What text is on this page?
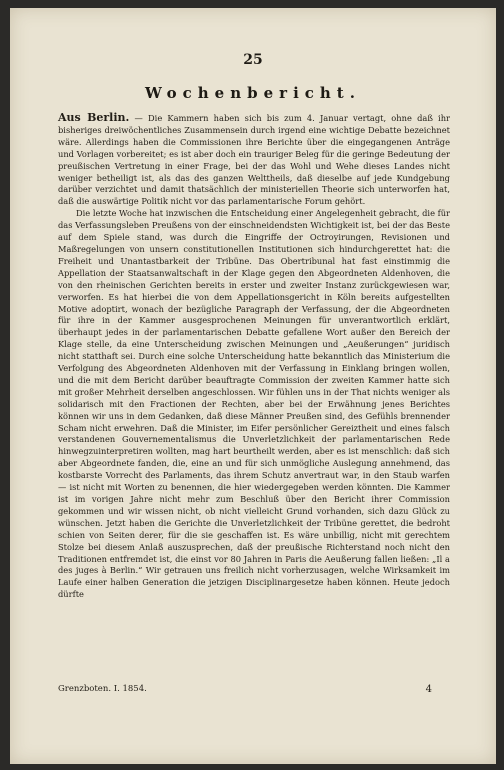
25
Wochenbericht.

Aus Berlin. — Die Kammern haben sich bis zum 4. Januar vertagt, ohne daß ihr bisheriges dreiwöchentliches Zusammensein durch irgend eine wichtige Debatte bezeichnet wäre. Allerdings haben die Commissionen ihre Berichte über die eingegangenen Anträge und Vorlagen vorbereitet; es ist aber doch ein trauriger Beleg für die geringe Bedeutung der preußischen Vertretung in einer Frage, bei der das Wohl und Wehe dieses Landes nicht weniger betheiligt ist, als das des ganzen Welttheils, daß dieselbe auf jede Kundgebung darüber verzichtet und damit thatsächlich der ministeriellen Theorie sich unterworfen hat, daß die auswärtige Politik nicht vor das parlamentarische Forum gehört.

Die letzte Woche hat inzwischen die Entscheidung einer Angelegenheit gebracht, die für das Verfassungsleben Preußens von der einschneidendsten Wichtigkeit ist, bei der das Beste auf dem Spiele stand, was durch die Eingriffe der Octroyirungen, Revisionen und Maßregelungen von unsern constitutionellen Institutionen sich hindurchgerettet hat: die Freiheit und Unantastbarkeit der Tribüne. Das Obertribunal hat fast einstimmig die Appellation der Staatsanwaltschaft in der Klage gegen den Abgeordneten Aldenhoven, die von den rheinischen Gerichten bereits in erster und zweiter Instanz zurückgewiesen war, verworfen. Es hat hierbei die von dem Appellationsgericht in Köln bereits aufgestellten Motive adoptirt, wonach der bezügliche Paragraph der Verfassung, der die Abgeordneten für ihre in der Kammer ausgesprochenen Meinungen für unverantwortlich erklärt, überhaupt jedes in der parlamentarischen Debatte gefallene Wort außer den Bereich der Klage stelle, da eine Unterscheidung zwischen Meinungen und „Aeußerungen“ juridisch nicht statthaft sei. Durch eine solche Unterscheidung hatte bekanntlich das Ministerium die Verfolgung des Abgeordneten Aldenhoven mit der Verfassung in Einklang bringen wollen, und die mit dem Bericht darüber beauftragte Commission der zweiten Kammer hatte sich mit großer Mehrheit derselben angeschlossen. Wir fühlen uns in der That nichts weniger als solidarisch mit den Fractionen der Rechten, aber bei der Erwähnung jenes Berichtes können wir uns in dem Gedanken, daß diese Männer Preußen sind, des Gefühls brennender Scham nicht erwehren. Daß die Minister, im Eifer persönlicher Gereiztheit und eines falsch verstandenen Gouvernementalismus die Unverletzlichkeit der parlamentarischen Rede hinwegzuinterpretiren wollten, mag hart beurtheilt werden, aber es ist menschlich: daß sich aber Abgeordnete fanden, die, eine an und für sich unmögliche Auslegung annehmend, das kostbarste Vorrecht des Parlaments, das ihrem Schutz anvertraut war, in den Staub warfen — ist nicht mit Worten zu benennen, die hier wiedergegeben werden könnten. Die Kammer ist im vorigen Jahre nicht mehr zum Beschluß über den Bericht ihrer Commission gekommen und wir wissen nicht, ob nicht vielleicht Grund vorhanden, sich dazu Glück zu wünschen. Jetzt haben die Gerichte die Unverletzlichkeit der Tribüne gerettet, die bedroht schien von Seiten derer, für die sie geschaffen ist. Es wäre unbillig, nicht mit gerechtem Stolze bei diesem Anlaß auszusprechen, daß der preußische Richterstand noch nicht den Traditionen entfremdet ist, die einst vor 80 Jahren in Paris die Aeußerung fallen ließen: „Il a des juges à Berlin.“ Wir getrauen uns freilich nicht vorherzusagen, welche Wirksamkeit im Laufe einer halben Generation die jetzigen Disciplinargesetze haben können. Heute jedoch dürfte

Grenzboten. I. 1854.	4
